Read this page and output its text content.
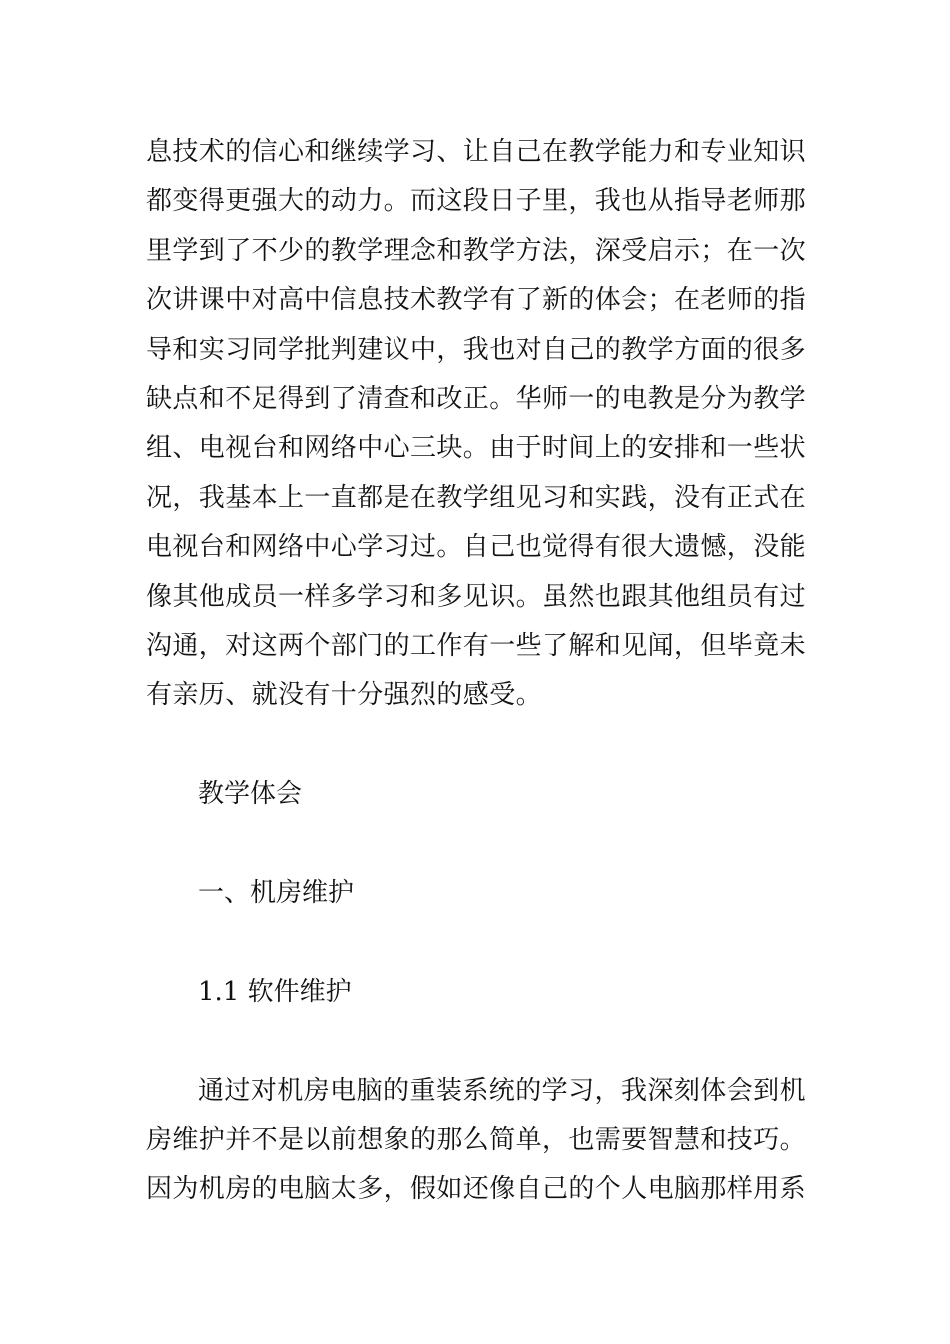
息技术的信心和继续学习、让自己在教学能力和专业知识都变得更强大的动力。而这段日子里，我也从指导老师那里学到了不少的教学理念和教学方法，深受启示；在一次次讲课中对高中信息技术教学有了新的体会；在老师的指导和实习同学批判建议中，我也对自己的教学方面的很多缺点和不足得到了清查和改正。华师一的电教是分为教学组、电视台和网络中心三块。由于时间上的安排和一些状况，我基本上一直都是在教学组见习和实践，没有正式在电视台和网络中心学习过。自己也觉得有很大遗憾，没能像其他成员一样多学习和多见识。虽然也跟其他组员有过沟通，对这两个部门的工作有一些了解和见闻，但毕竟未有亲历、就没有十分强烈的感受。

教学体会

一、机房维护

1.1 软件维护

通过对机房电脑的重装系统的学习，我深刻体会到机房维护并不是以前想象的那么简单，也需要智慧和技巧。因为机房的电脑太多，假如还像自己的个人电脑那样用系
